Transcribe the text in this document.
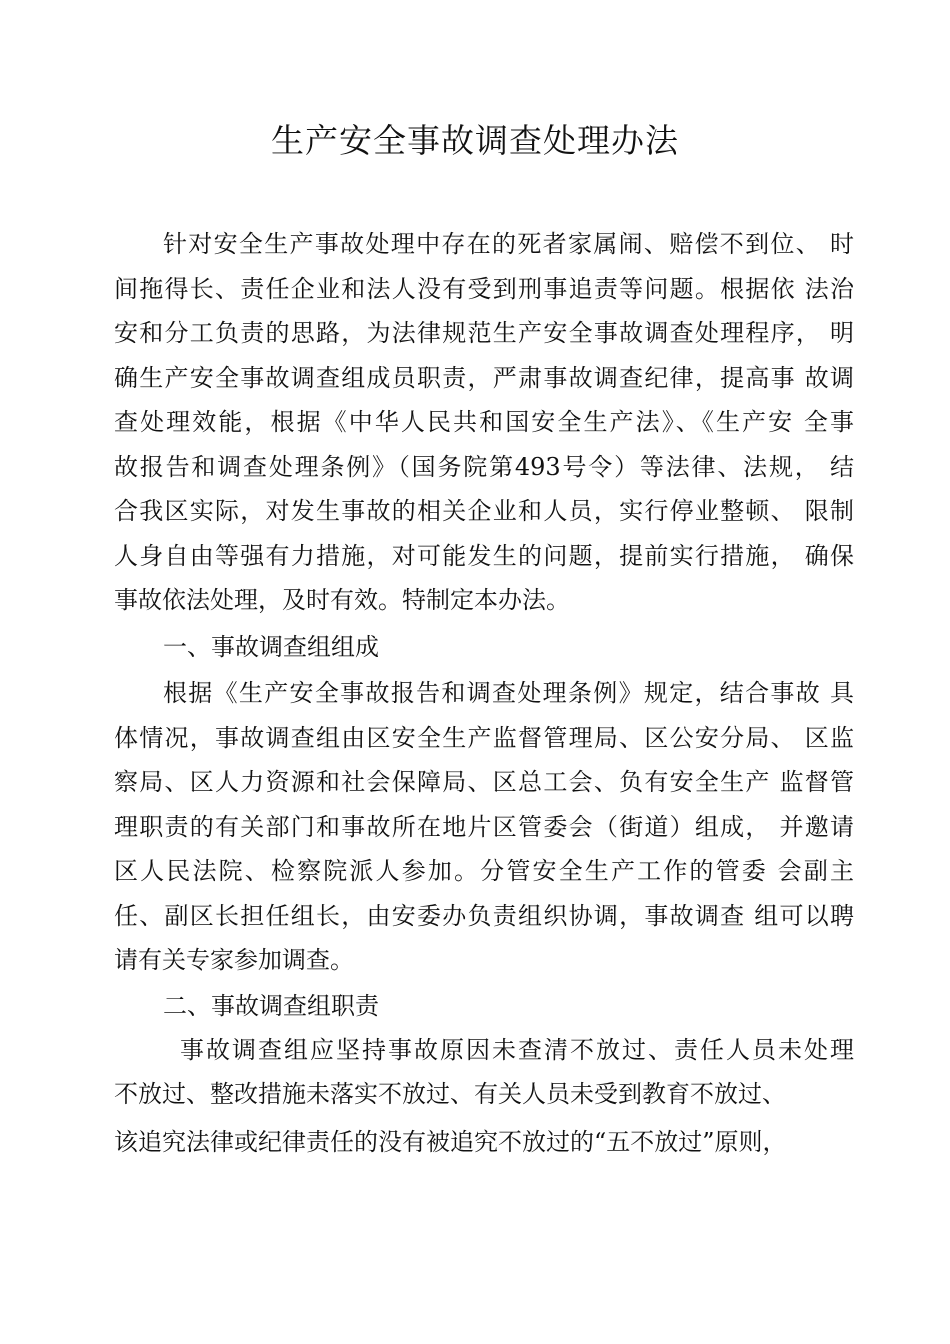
生产安全事故调查处理办法

针对安全生产事故处理中存在的死者家属闹、赔偿不到位、 时

间拖得长、责任企业和法人没有受到刑事追责等问题。根据依 法治

安和分工负责的思路，为法律规范生产安全事故调查处理程序， 明

确生产安全事故调查组成员职责，严肃事故调查纪律，提高事 故调

查处理效能，根据《中华人民共和国安全生产法》、《生产安 全事

故报告和调查处理条例》（国务院第493号令）等法律、法规， 结

合我区实际，对发生事故的相关企业和人员，实行停业整顿、 限制

人身自由等强有力措施，对可能发生的问题，提前实行措施， 确保

事故依法处理，及时有效。特制定本办法。

一、事故调查组组成

根据《生产安全事故报告和调查处理条例》规定，结合事故 具

体情况，事故调查组由区安全生产监督管理局、区公安分局、 区监

察局、区人力资源和社会保障局、区总工会、负有安全生产 监督管

理职责的有关部门和事故所在地片区管委会（街道）组成， 并邀请

区人民法院、检察院派人参加。分管安全生产工作的管委 会副主

任、副区长担任组长，由安委办负责组织协调，事故调查 组可以聘

请有关专家参加调查。

二、事故调查组职责

事故调查组应坚持事故原因未查清不放过、责任人员未处理

不放过、整改措施未落实不放过、有关人员未受到教育不放过、

该追究法律或纪律责任的没有被追究不放过的“五不放过”原则，
